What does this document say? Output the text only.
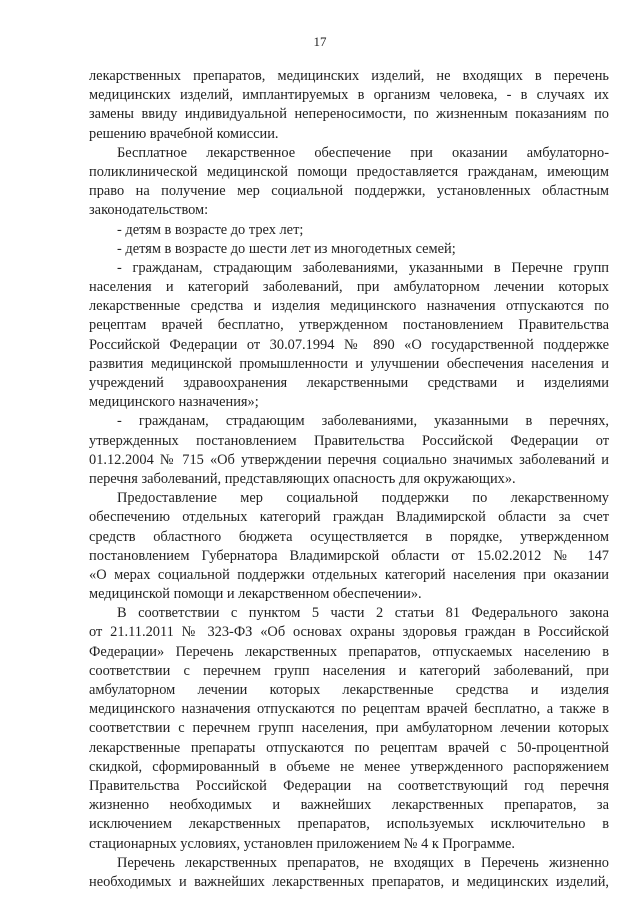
17
лекарственных препаратов, медицинских изделий, не входящих в перечень
медицинских изделий, имплантируемых в организм человека, - в случаях их
замены ввиду индивидуальной непереносимости, по жизненным показаниям по
решению врачебной комиссии.
Бесплатное лекарственное обеспечение при оказании амбулаторно-
поликлинической медицинской помощи предоставляется гражданам, имеющим
право на получение мер социальной поддержки, установленных областным
законодательством:
- детям в возрасте до трех лет;
- детям в возрасте до шести лет из многодетных семей;
- гражданам, страдающим заболеваниями, указанными в Перечне групп
населения и категорий заболеваний, при амбулаторном лечении которых
лекарственные средства и изделия медицинского назначения отпускаются по
рецептам врачей бесплатно, утвержденном постановлением Правительства
Российской Федерации от 30.07.1994 № 890 «О государственной поддержке
развития медицинской промышленности и улучшении обеспечения населения и
учреждений здравоохранения лекарственными средствами и изделиями
медицинского назначения»;
- гражданам, страдающим заболеваниями, указанными в перечнях,
утвержденных постановлением Правительства Российской Федерации от
01.12.2004 № 715 «Об утверждении перечня социально значимых заболеваний и
перечня заболеваний, представляющих опасность для окружающих».
Предоставление мер социальной поддержки по лекарственному
обеспечению отдельных категорий граждан Владимирской области за счет
средств областного бюджета осуществляется в порядке, утвержденном
постановлением Губернатора Владимирской области от 15.02.2012 № 147
«О мерах социальной поддержки отдельных категорий населения при оказании
медицинской помощи и лекарственном обеспечении».
В соответствии с пунктом 5 части 2 статьи 81 Федерального закона
от 21.11.2011 № 323-ФЗ «Об основах охраны здоровья граждан в Российской
Федерации» Перечень лекарственных препаратов, отпускаемых населению в
соответствии с перечнем групп населения и категорий заболеваний, при
амбулаторном лечении которых лекарственные средства и изделия
медицинского назначения отпускаются по рецептам врачей бесплатно, а также в
соответствии с перечнем групп населения, при амбулаторном лечении которых
лекарственные препараты отпускаются по рецептам врачей с 50-процентной
скидкой, сформированный в объеме не менее утвержденного распоряжением
Правительства Российской Федерации на соответствующий год перечня
жизненно необходимых и важнейших лекарственных препаратов, за
исключением лекарственных препаратов, используемых исключительно в
стационарных условиях, установлен приложением № 4 к Программе.
Перечень лекарственных препаратов, не входящих в Перечень жизненно
необходимых и важнейших лекарственных препаратов, и медицинских изделий,
